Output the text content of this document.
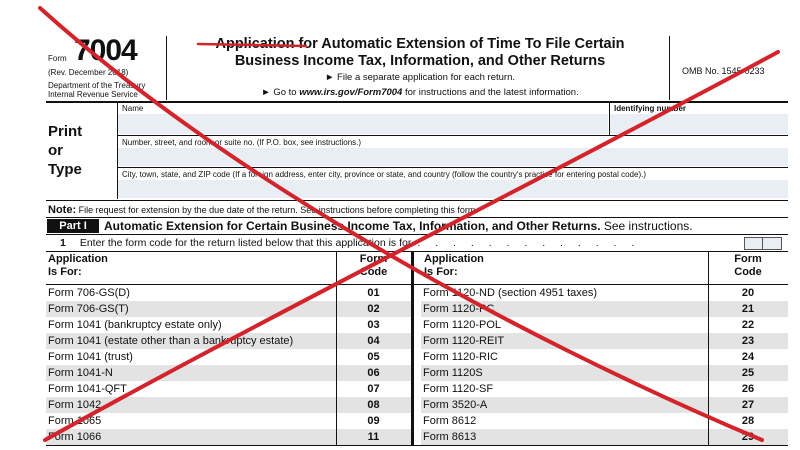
Form 7004
(Rev. December 2018)
Department of the Treasury
Internal Revenue Service
Application for Automatic Extension of Time To File Certain
Business Income Tax, Information, and Other Returns
► File a separate application for each return.
► Go to www.irs.gov/Form7004 for instructions and the latest information.
OMB No. 1545-0233
Print
or
Type
Name	Identifying number
Number, street, and room or suite no. (If P.O. box, see instructions.)
City, town, state, and ZIP code (If a foreign address, enter city, province or state, and country (follow the country's practice for entering postal code).)
Note: File request for extension by the due date of the return. See instructions before completing this form.
Part I	Automatic Extension for Certain Business Income Tax, Information, and Other Returns. See instructions.
1 Enter the form code for the return listed below that this application is for . . . . . . . . . . . . .
Application
Is For:
Form
Code
Application
Is For:
Form
Code
Form 706-GS(D)	01
Form 706-GS(T)	02
Form 1041 (bankruptcy estate only)	03
Form 1041 (estate other than a bankruptcy estate)	04
Form 1041 (trust)	05
Form 1041-N	06
Form 1041-QFT	07
Form 1042	08
Form 1065	09
Form 1066	11
Form 1120-ND (section 4951 taxes)	20
Form 1120-PC	21
Form 1120-POL	22
Form 1120-REIT	23
Form 1120-RIC	24
Form 1120S	25
Form 1120-SF	26
Form 3520-A	27
Form 8612	28
Form 8613	29
